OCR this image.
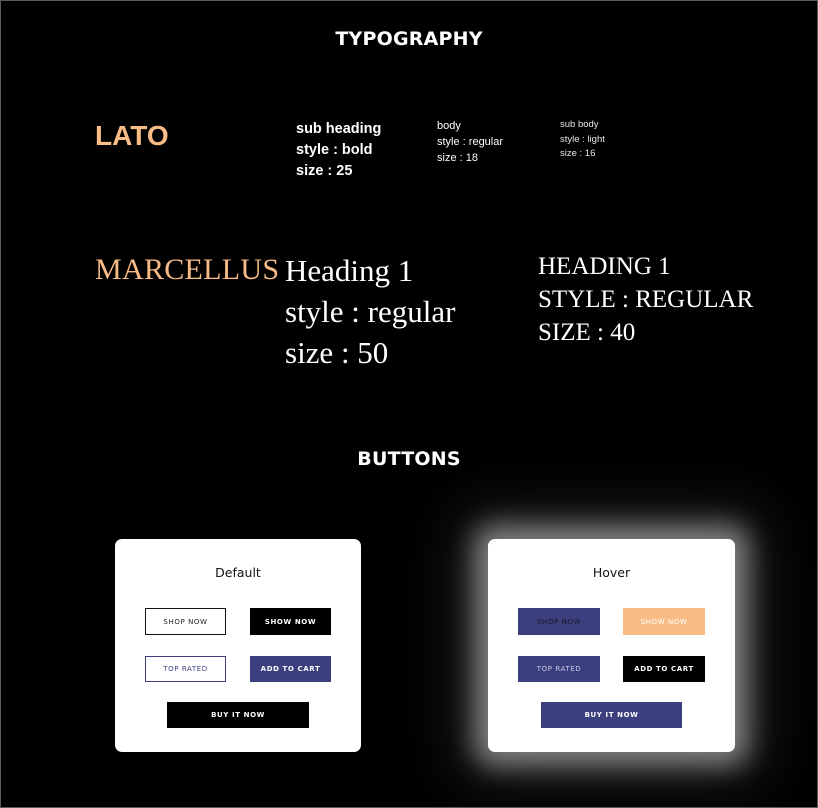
TYPOGRAPHY
LATO	sub heading
style : bold
size : 25
body
style : regular
size : 18
sub body
style : light
size : 16
MARCELLUS Heading 1
style : regular
size : 50
HEADING 1
STYLE : REGULAR
SIZE : 40
BUTTONS
Default
SHOP NOW	SHOW NOW
TOP RATED	ADD TO CART
BUY IT NOW
Hover
SHOP NOW	SHOW NOW
TOP RATED	ADD TO CART
BUY IT NOW
